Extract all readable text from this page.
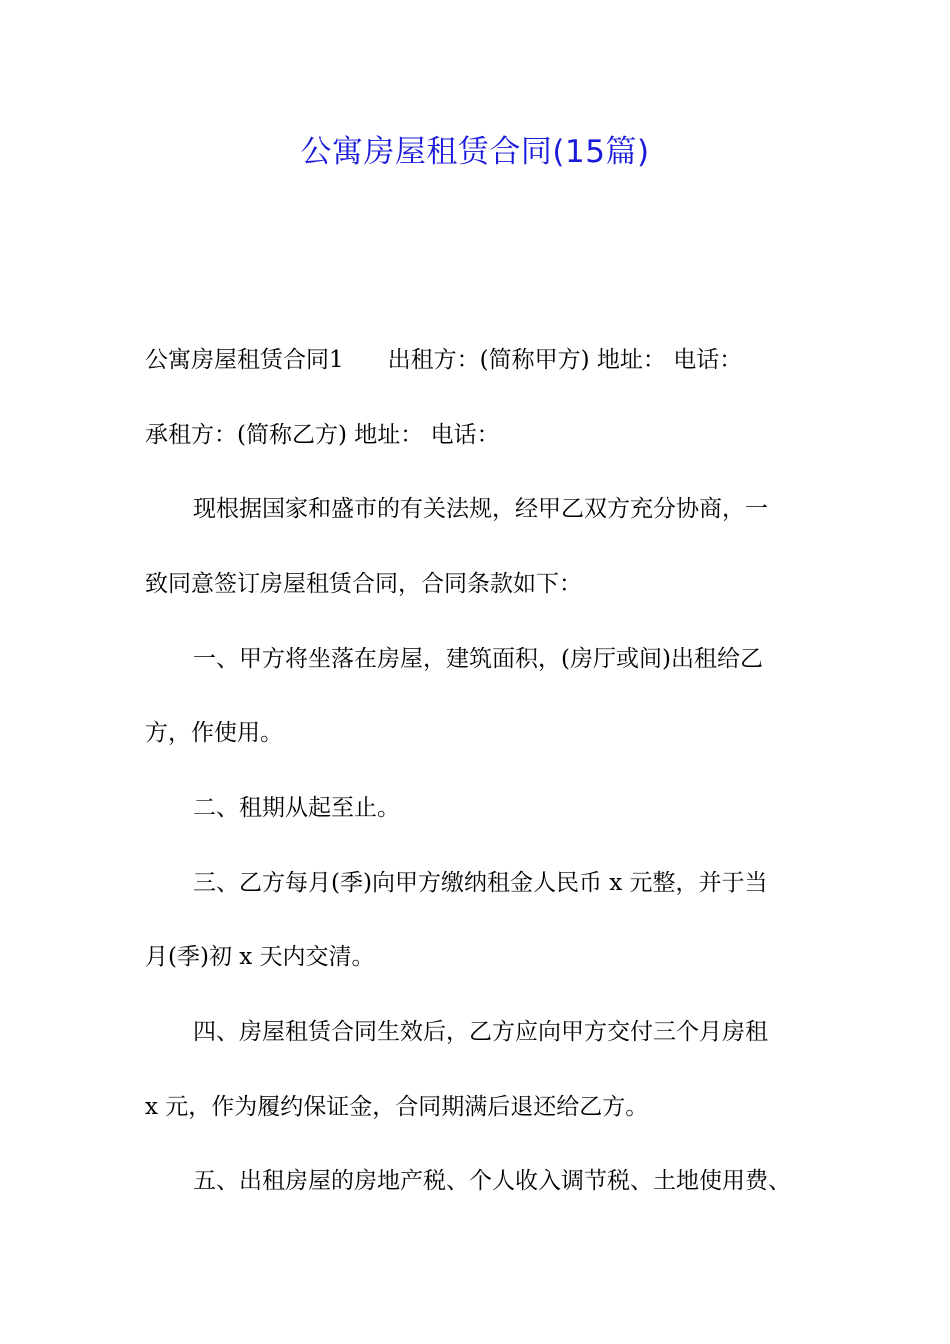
公寓房屋租赁合同(15篇)
公寓房屋租赁合同1 出租方：(简称甲方) 地址： 电话：
承租方：(简称乙方) 地址： 电话：
现根据国家和盛市的有关法规，经甲乙双方充分协商，一
致同意签订房屋租赁合同，合同条款如下：
一、甲方将坐落在房屋，建筑面积，(房厅或间)出租给乙
方，作使用。
二、租期从起至止。
三、乙方每月(季)向甲方缴纳租金人民币 x 元整，并于当
月(季)初 x 天内交清。
四、房屋租赁合同生效后，乙方应向甲方交付三个月房租
x 元，作为履约保证金，合同期满后退还给乙方。
五、出租房屋的房地产税、个人收入调节税、土地使用费、
